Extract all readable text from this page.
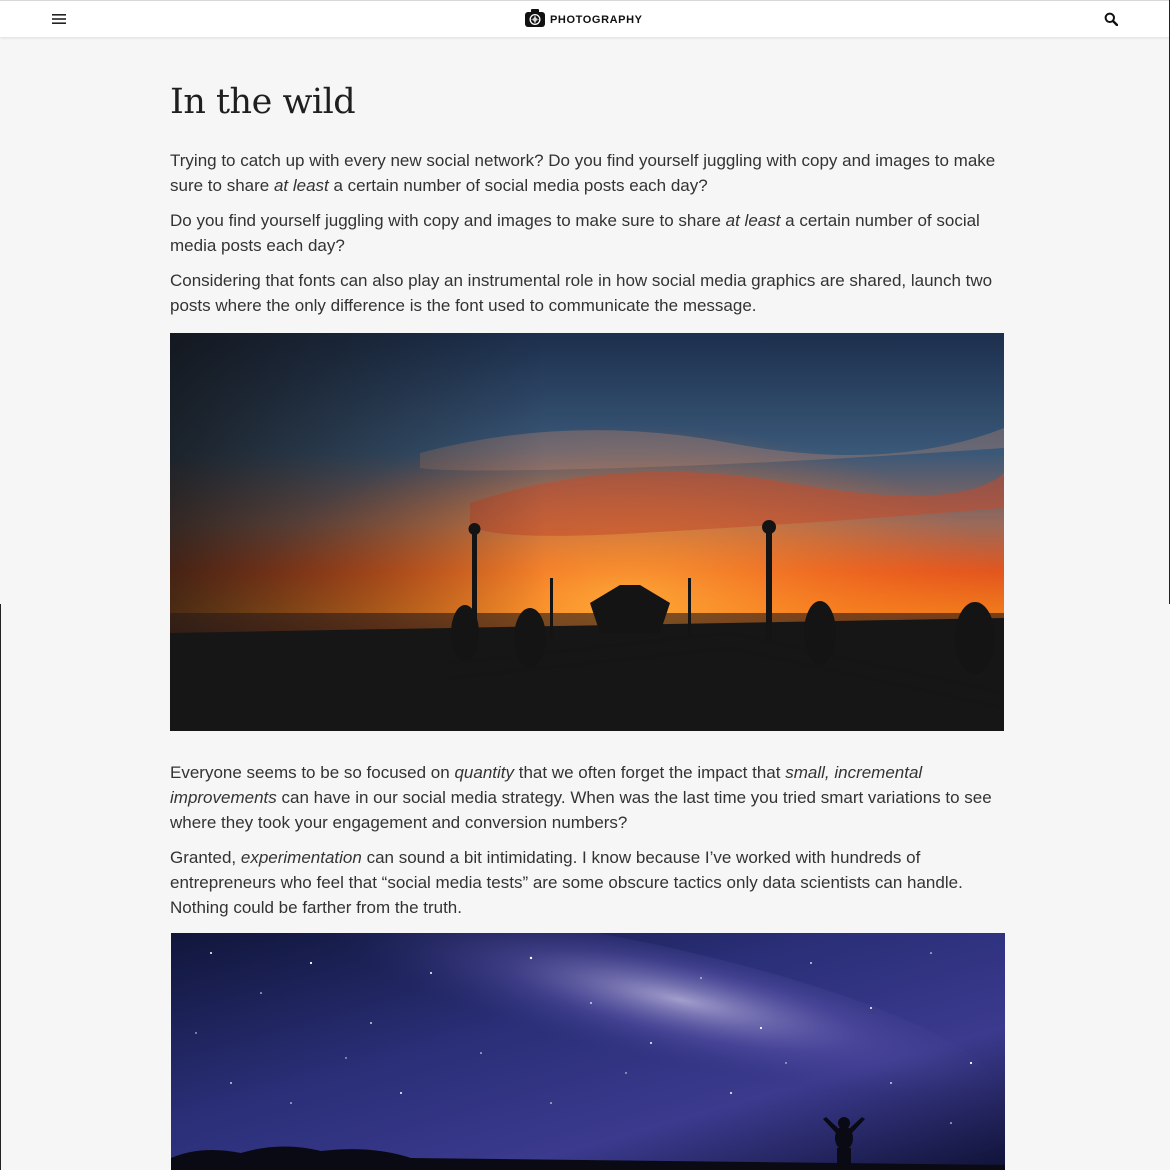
PHOTOGRAPHY
In the wild

Trying to catch up with every new social network? Do you find yourself juggling with copy and images to make sure to share at least a certain number of social media posts each day?

Do you find yourself juggling with copy and images to make sure to share at least a certain number of social media posts each day?

Considering that fonts can also play an instrumental role in how social media graphics are shared, launch two posts where the only difference is the font used to communicate the message.

Everyone seems to be so focused on quantity that we often forget the impact that small, incremental improvements can have in our social media strategy. When was the last time you tried smart variations to see where they took your engagement and conversion numbers?

Granted, experimentation can sound a bit intimidating. I know because I’ve worked with hundreds of entrepreneurs who feel that “social media tests” are some obscure tactics only data scientists can handle. Nothing could be farther from the truth.
